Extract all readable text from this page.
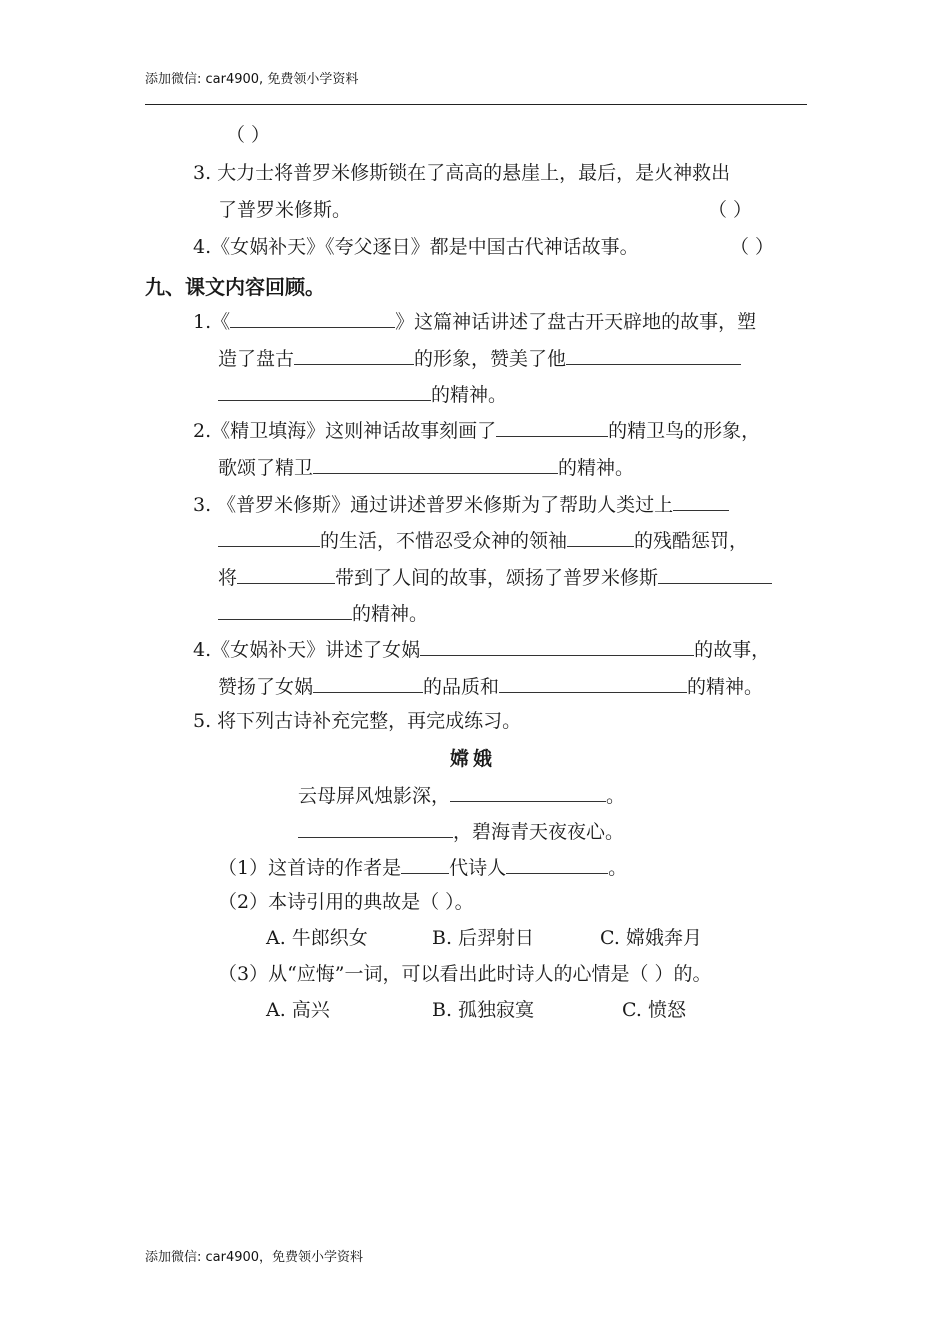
添加微信: car4900, 免费领小学资料
（ ）
3. 大力士将普罗米修斯锁在了高高的悬崖上，最后，是火神救出
了普罗米修斯。	（ ）
4.《女娲补天》《夸父逐日》都是中国古代神话故事。	（ ）
九、课文内容回顾。
1.《	》这篇神话讲述了盘古开天辟地的故事，塑
造了盘古	的形象，赞美了他
的精神。
2.《精卫填海》这则神话故事刻画了	的精卫鸟的形象，
歌颂了精卫	的精神。
3. 《普罗米修斯》通过讲述普罗米修斯为了帮助人类过上
的生活，不惜忍受众神的领袖	的残酷惩罚，
将	带到了人间的故事，颂扬了普罗米修斯
的精神。
4.《女娲补天》讲述了女娲	的故事，
赞扬了女娲	的品质和	的精神。
5. 将下列古诗补充完整，再完成练习。
嫦娥
云母屏风烛影深，	。
，碧海青天夜夜心。
（1）这首诗的作者是	代诗人	。
（2）本诗引用的典故是（ ）。
A. 牛郎织女	B. 后羿射日	C. 嫦娥奔月
（3）从“应悔”一词，可以看出此时诗人的心情是（ ）的。
A. 高兴	B. 孤独寂寞	C. 愤怒
添加微信: car4900，免费领小学资料
